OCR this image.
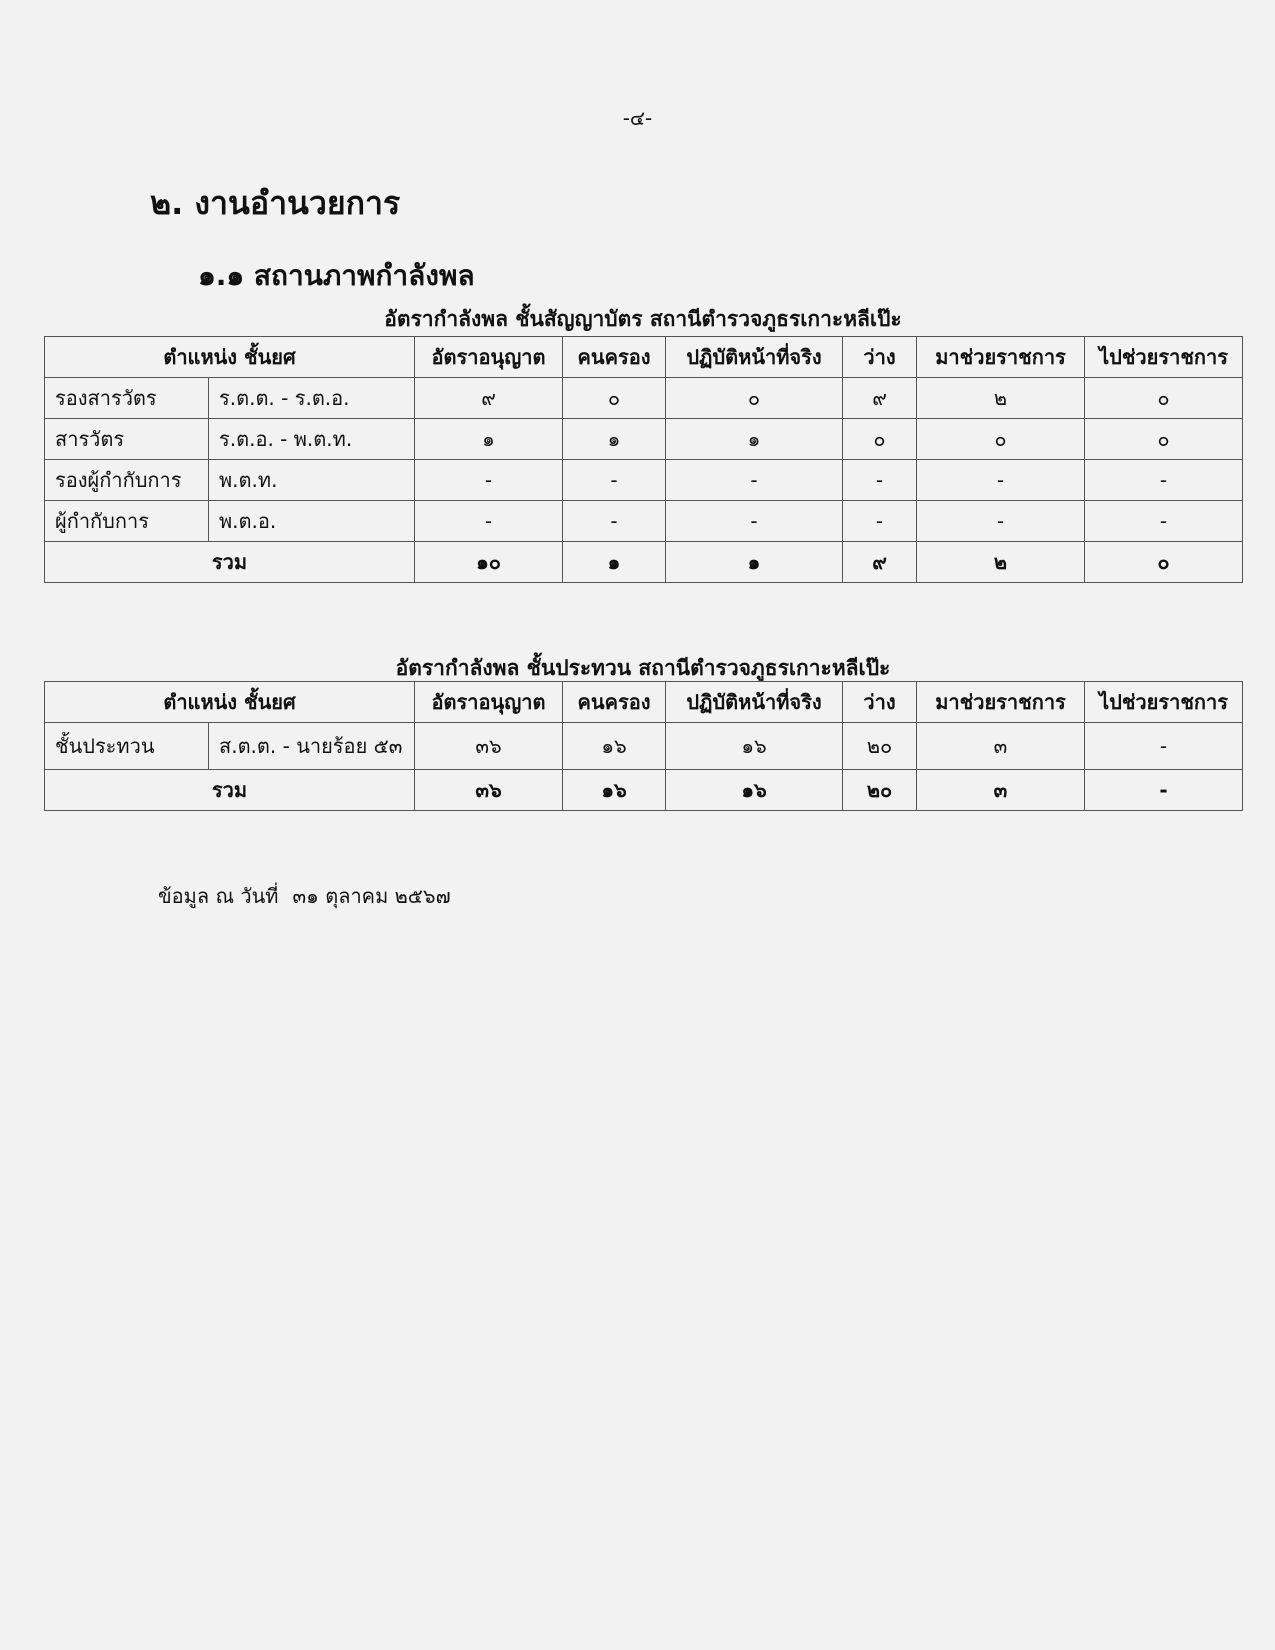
-๔-
๒. งานอำนวยการ
๑.๑ สถานภาพกำลังพล
อัตรากำลังพล ชั้นสัญญาบัตร สถานีตำรวจภูธรเกาะหลีเป๊ะ
ตำแหน่ง ชั้นยศ		อัตราอนุญาต	คนครอง	ปฏิบัติหน้าที่จริง	ว่าง	มาช่วยราชการ	ไปช่วยราชการ
รองสารวัตร	ร.ต.ต. - ร.ต.อ.	๙	๐	๐	๙	๒	๐
สารวัตร	ร.ต.อ. - พ.ต.ท.	๑	๑	๑	๐	๐	๐
รองผู้กำกับการ	พ.ต.ท.	-	-	-	-	-	-
ผู้กำกับการ	พ.ต.อ.	-	-	-	-	-	-
รวม		๑๐	๑	๑	๙	๒	๐
อัตรากำลังพล ชั้นประทวน สถานีตำรวจภูธรเกาะหลีเป๊ะ
ตำแหน่ง ชั้นยศ		อัตราอนุญาต	คนครอง	ปฏิบัติหน้าที่จริง	ว่าง	มาช่วยราชการ	ไปช่วยราชการ
ชั้นประทวน	ส.ต.ต. - นายร้อย ๕๓	๓๖	๑๖	๑๖	๒๐	๓	-
รวม		๓๖	๑๖	๑๖	๒๐	๓	-
ข้อมูล ณ วันที่ ๓๑ ตุลาคม ๒๕๖๗
